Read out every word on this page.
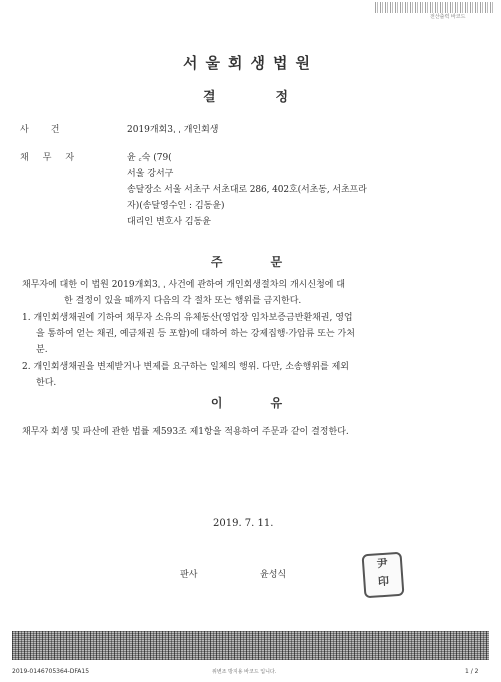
전산출력 바코드
서울회생법원
결정
사건	2019개회3ˌ ˌ 개인회생
채무자	윤 ꜀숙 (79(
서울 강서구
송달장소 서울 서초구 서초대로 286, 402호(서초동, 서초프라
자)(송달영수인 : 김동윤)
대리인 변호사 김동윤
주문
채무자에 대한 이 법원 2019개회3ˌ ˌ 사건에 관하여 개인회생절차의 개시신청에 대
한 결정이 있을 때까지 다음의 각 절차 또는 행위를 금지한다.
1. 개인회생채권에 기하여 채무자 소유의 유체동산(영업장 임차보증금반환채권, 영업
을 통하여 얻는 채권, 예금채권 등 포함)에 대하여 하는 강제집행·가압류 또는 가처
분.
2. 개인회생채권을 변제받거나 변제를 요구하는 일체의 행위. 다만, 소송행위를 제외
한다.
이유
채무자 회생 및 파산에 관한 법률 제593조 제1항을 적용하여 주문과 같이 결정한다.
2019. 7. 11.
판사	윤성식
尹
印
2019-0146705364-DFA15	위변조 방지용 바코드 입니다.	1 / 2
